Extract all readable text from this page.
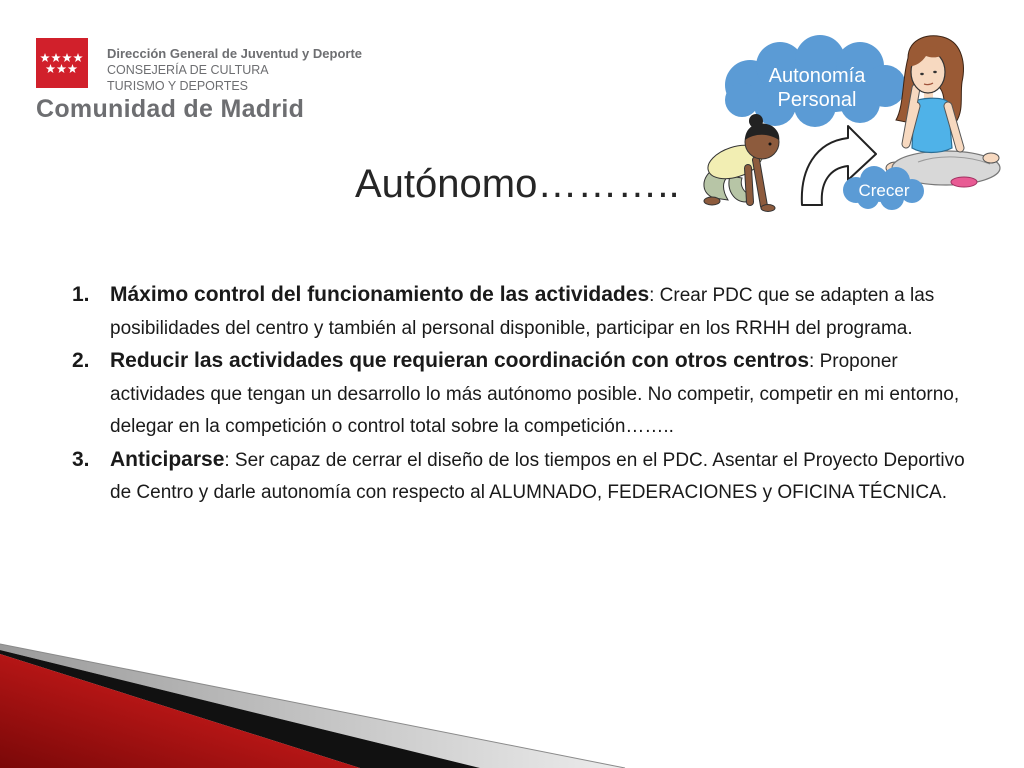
Dirección General de Juventud y Deporte
CONSEJERÍA DE CULTURA
TURISMO Y DEPORTES
Comunidad de Madrid
Autónomo………..
Autonomía
Personal
Crecer
1. Máximo control del funcionamiento de las actividades: Crear PDC que se adapten a las posibilidades del centro y también al personal disponible, participar en los RRHH del programa.
2. Reducir las actividades que requieran coordinación con otros centros: Proponer actividades que tengan un desarrollo lo más autónomo posible. No competir, competir en mi entorno, delegar en la competición o control total sobre la competición……..
3. Anticiparse: Ser capaz de cerrar el diseño de los tiempos en el PDC. Asentar el Proyecto Deportivo de Centro y darle autonomía con respecto al ALUMNADO, FEDERACIONES y OFICINA TÉCNICA.
